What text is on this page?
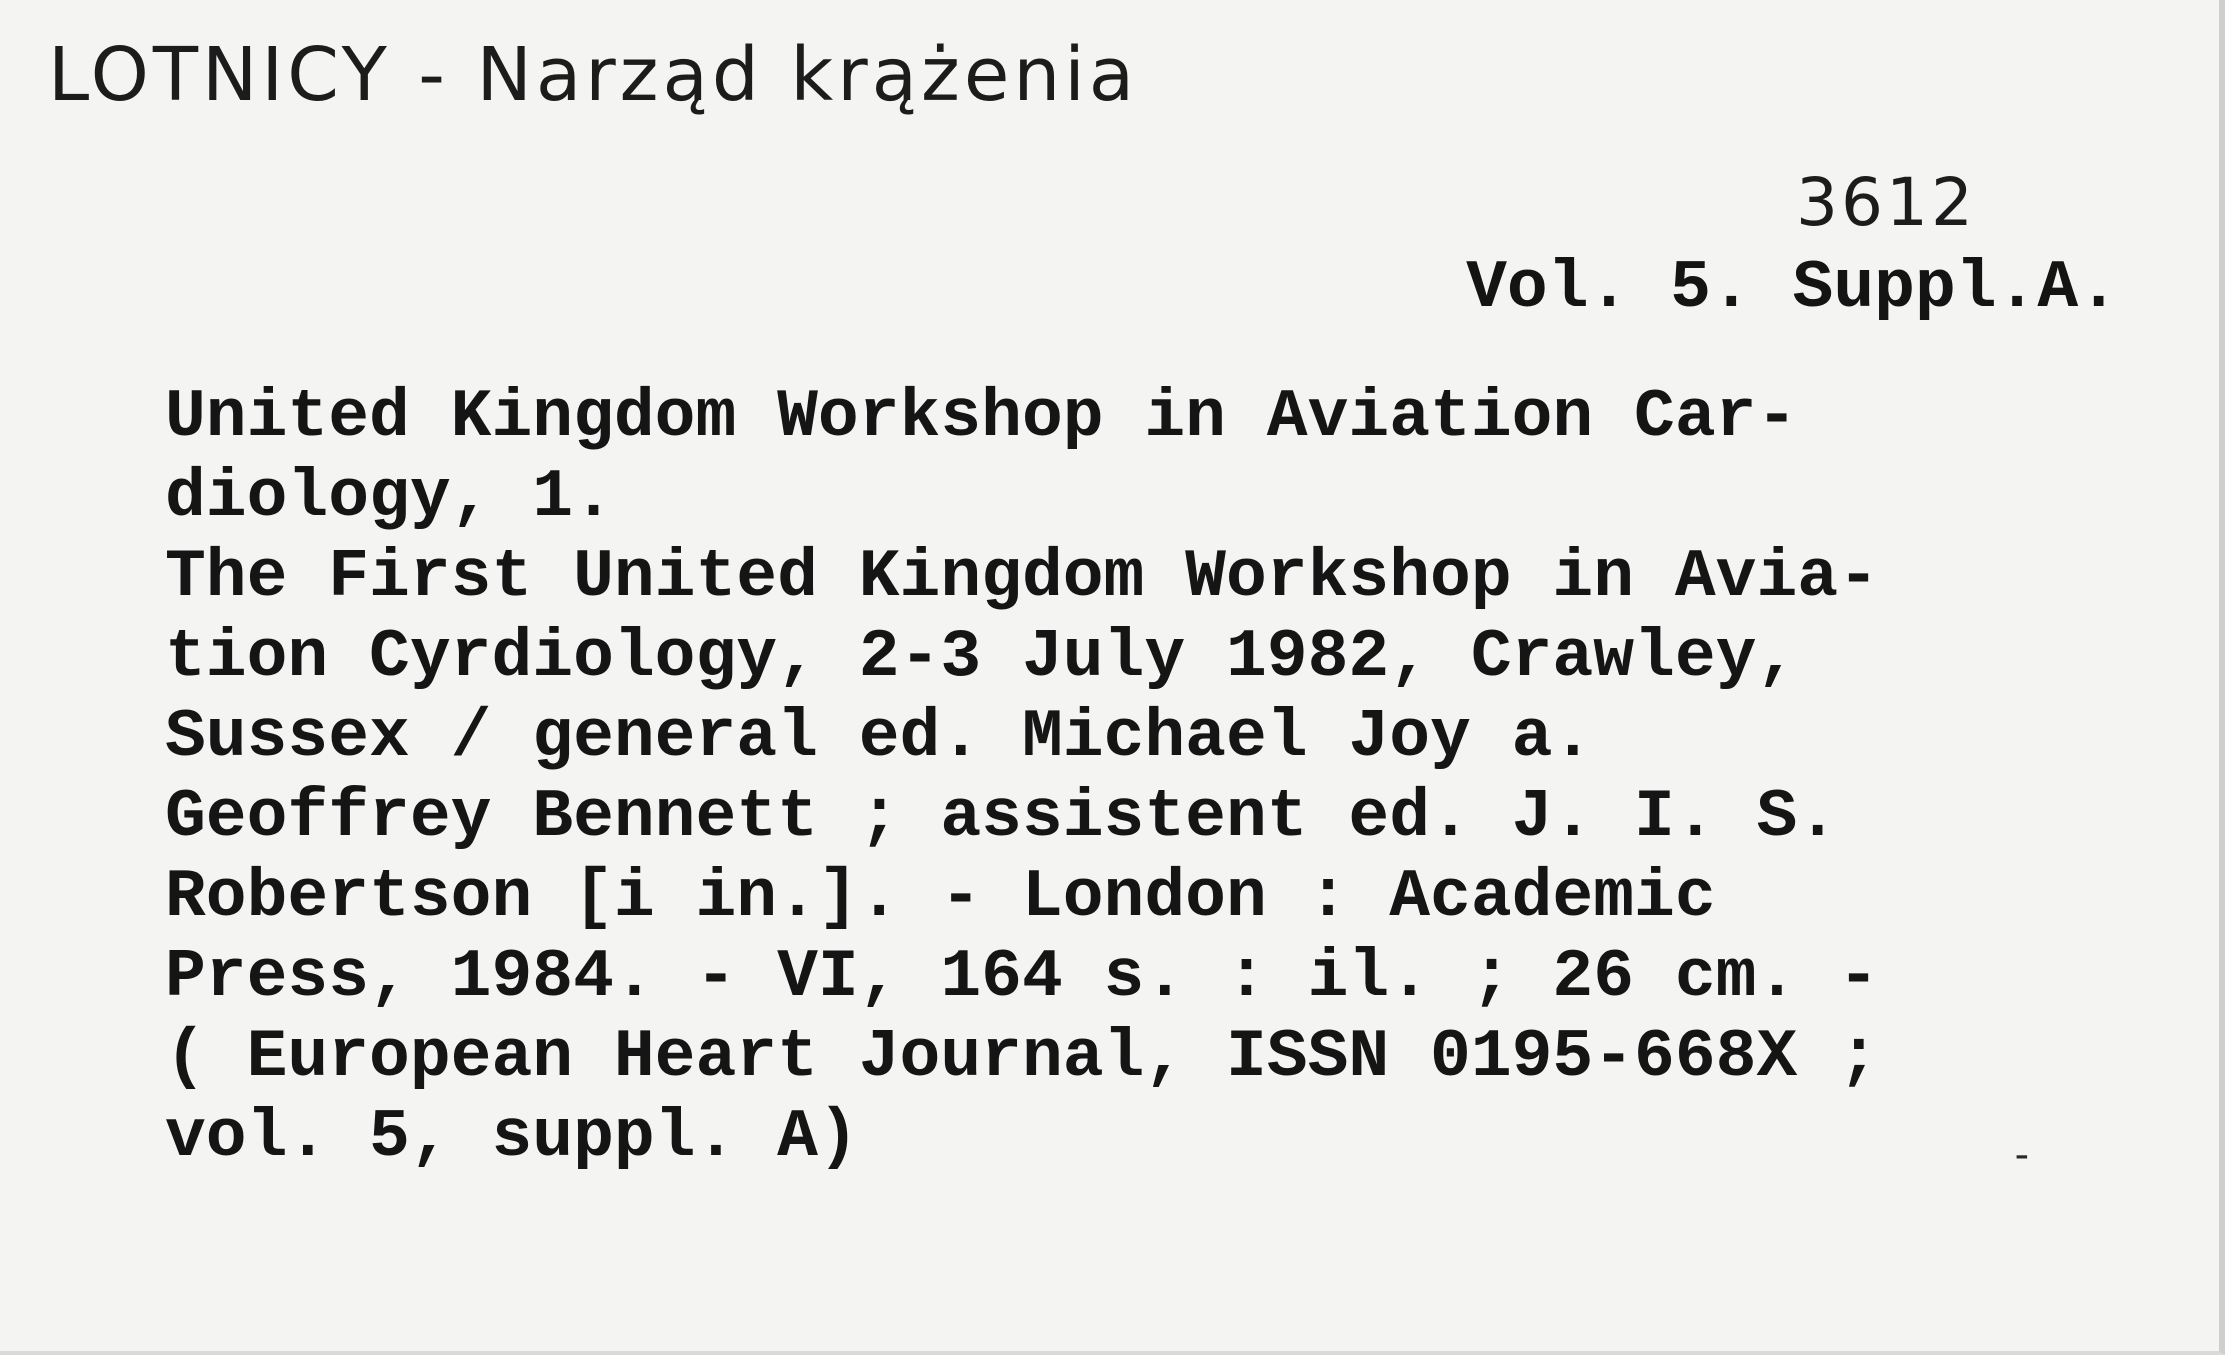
LOTNICY - Narząd krążenia
3612
Vol. 5. Suppl.A.
United Kingdom Workshop in Aviation Car-
diology, 1.
The First United Kingdom Workshop in Avia-
tion Cyrdiology, 2-3 July 1982, Crawley,
Sussex / general ed. Michael Joy a.
Geoffrey Bennett ; assistent ed. J. I. S.
Robertson [i in.]. - London : Academic
Press, 1984. - VI, 164 s. : il. ; 26 cm. -
( European Heart Journal, ISSN 0195-668X ;
vol. 5, suppl. A)	-
